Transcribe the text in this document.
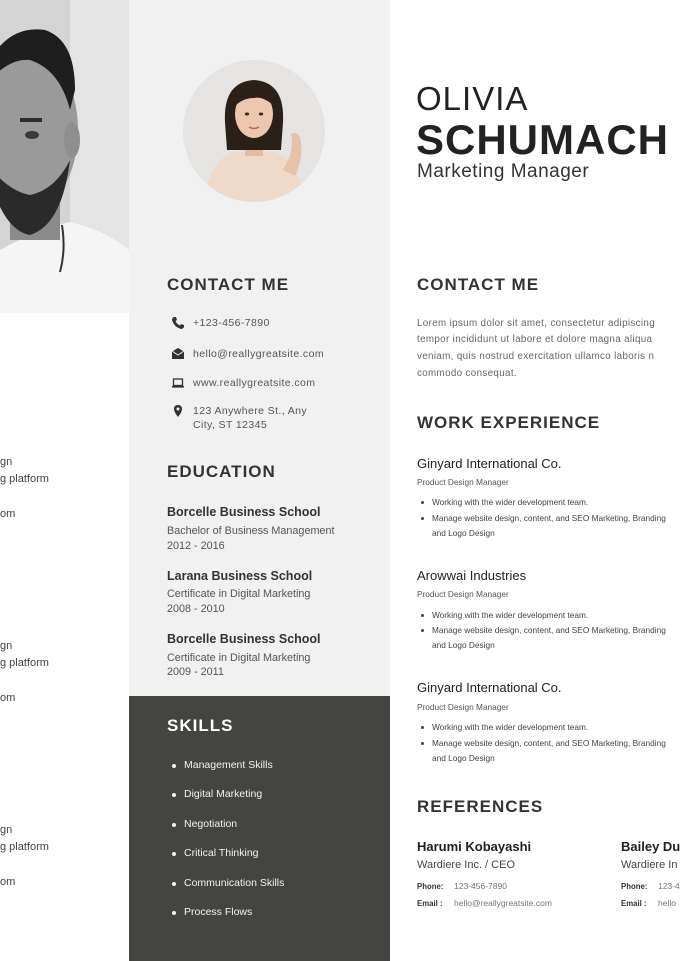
gn
g platform
om
gn
g platform
om
gn
g platform
om
CONTACT ME
+123-456-7890
hello@reallygreatsite.com
www.reallygreatsite.com
123 Anywhere St., Any
City, ST 12345
EDUCATION
Borcelle Business School
Bachelor of Business Management
2012 - 2016
Larana Business School
Certificate in Digital Marketing
2008 - 2010
Borcelle Business School
Certificate in Digital Marketing
2009 - 2011
SKILLS
Management Skills
Digital Marketing
Negotiation
Critical Thinking
Communication Skills
Process Flows
OLIVIA
SCHUMACH
Marketing Manager
CONTACT ME
Lorem ipsum dolor sit amet, consectetur adipiscing
tempor incididunt ut labore et dolore magna aliqua
veniam, quis nostrud exercitation ullamco laboris n
commodo consequat.
WORK EXPERIENCE
Ginyard International Co.
Product Design Manager
Working with the wider development team.
Manage website design, content, and SEO Marketing, Branding
and Logo Design
Arowwai Industries
Product Design Manager
Working with the wider development team.
Manage website design, content, and SEO Marketing, Branding
and Logo Design
Ginyard International Co.
Product Design Manager
Working with the wider development team.
Manage website design, content, and SEO Marketing, Branding
and Logo Design
REFERENCES
Harumi Kobayashi
Wardiere Inc. / CEO
Phone: 123-456-7890
Email : hello@reallygreatsite.com
Bailey Du
Wardiere In
Phone: 123-4
Email : hello
